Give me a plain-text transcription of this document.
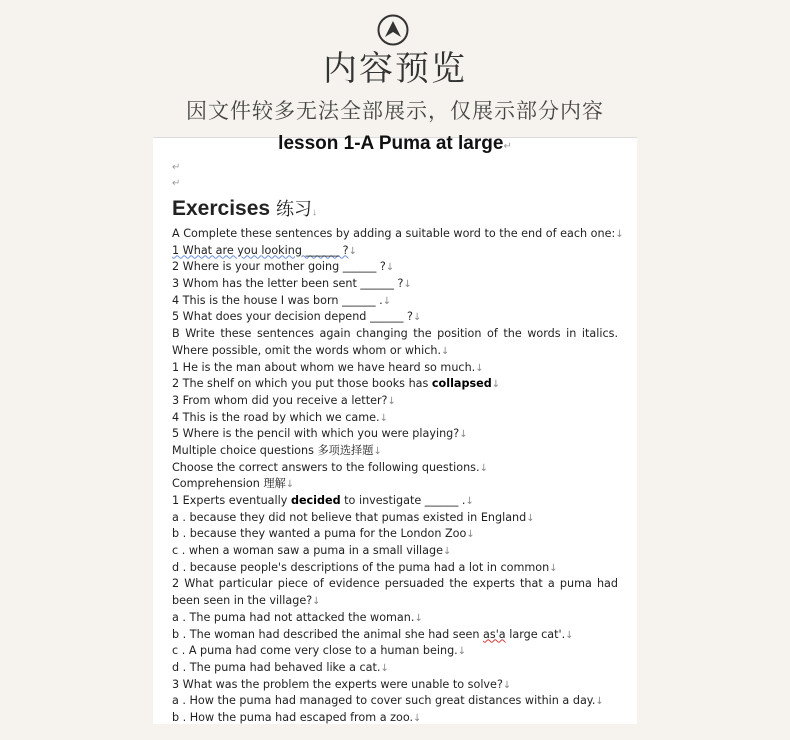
内容预览
因文件较多无法全部展示，仅展示部分内容
lesson 1-A Puma at large↵
↵
↵
Exercises 练习↓
A Complete these sentences by adding a suitable word to the end of each one:↓
1 What are you looking ______ ?↓
2 Where is your mother going ______ ?↓
3 Whom has the letter been sent ______ ?↓
4 This is the house I was born ______ .↓
5 What does your decision depend ______ ?↓
B Write these sentences again changing the position of the words in italics. Where possible, omit the words whom or which.↓
1 He is the man about whom we have heard so much.↓
2 The shelf on which you put those books has collapsed↓
3 From whom did you receive a letter?↓
4 This is the road by which we came.↓
5 Where is the pencil with which you were playing?↓
Multiple choice questions 多项选择题↓
Choose the correct answers to the following questions.↓
Comprehension 理解↓
1 Experts eventually decided to investigate ______ .↓
a . because they did not believe that pumas existed in England↓
b . because they wanted a puma for the London Zoo↓
c . when a woman saw a puma in a small village↓
d . because people's descriptions of the puma had a lot in common↓
2 What particular piece of evidence persuaded the experts that a puma had been seen in the village?↓
a . The puma had not attacked the woman.↓
b . The woman had described the animal she had seen as'a large cat'.↓
c . A puma had come very close to a human being.↓
d . The puma had behaved like a cat.↓
3 What was the problem the experts were unable to solve?↓
a . How the puma had managed to cover such great distances within a day.↓
b . How the puma had escaped from a zoo.↓
